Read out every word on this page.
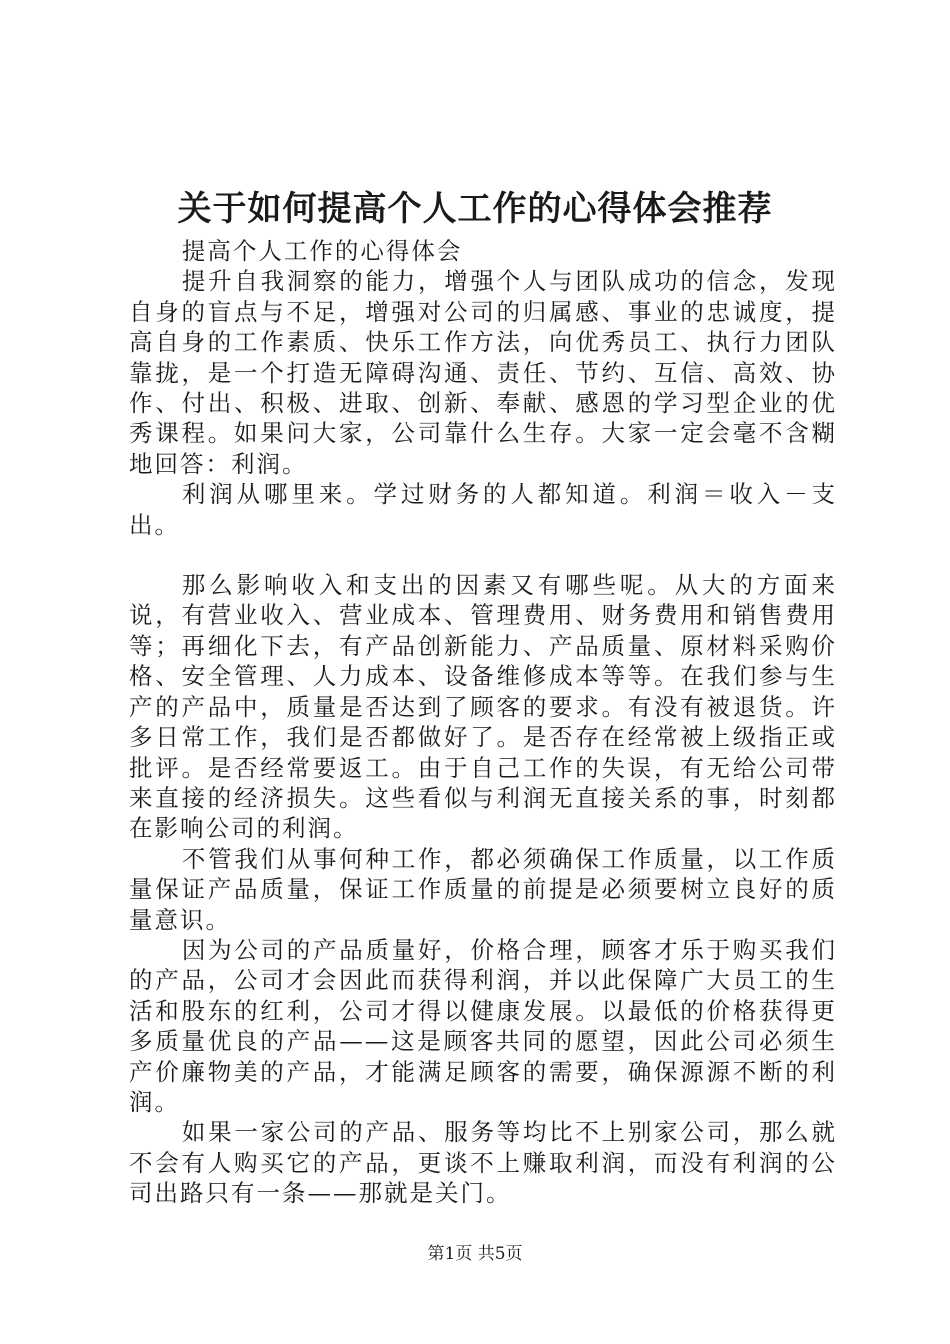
关于如何提高个人工作的心得体会推荐

提高个人工作的心得体会

提升自我洞察的能力，增强个人与团队成功的信念，发现自身的盲点与不足，增强对公司的归属感、事业的忠诚度，提高自身的工作素质、快乐工作方法，向优秀员工、执行力团队靠拢，是一个打造无障碍沟通、责任、节约、互信、高效、协作、付出、积极、进取、创新、奉献、感恩的学习型企业的优秀课程。如果问大家，公司靠什么生存。大家一定会毫不含糊地回答：利润。

利润从哪里来。学过财务的人都知道。利润＝收入－支出。

那么影响收入和支出的因素又有哪些呢。从大的方面来说，有营业收入、营业成本、管理费用、财务费用和销售费用等；再细化下去，有产品创新能力、产品质量、原材料采购价格、安全管理、人力成本、设备维修成本等等。在我们参与生产的产品中，质量是否达到了顾客的要求。有没有被退货。许多日常工作，我们是否都做好了。是否存在经常被上级指正或批评。是否经常要返工。由于自己工作的失误，有无给公司带来直接的经济损失。这些看似与利润无直接关系的事，时刻都在影响公司的利润。

不管我们从事何种工作，都必须确保工作质量，以工作质量保证产品质量，保证工作质量的前提是必须要树立良好的质量意识。

因为公司的产品质量好，价格合理，顾客才乐于购买我们的产品，公司才会因此而获得利润，并以此保障广大员工的生活和股东的红利，公司才得以健康发展。以最低的价格获得更多质量优良的产品——这是顾客共同的愿望，因此公司必须生产价廉物美的产品，才能满足顾客的需要，确保源源不断的利润。

如果一家公司的产品、服务等均比不上别家公司，那么就不会有人购买它的产品，更谈不上赚取利润，而没有利润的公司出路只有一条——那就是关门。

第1页 共5页
